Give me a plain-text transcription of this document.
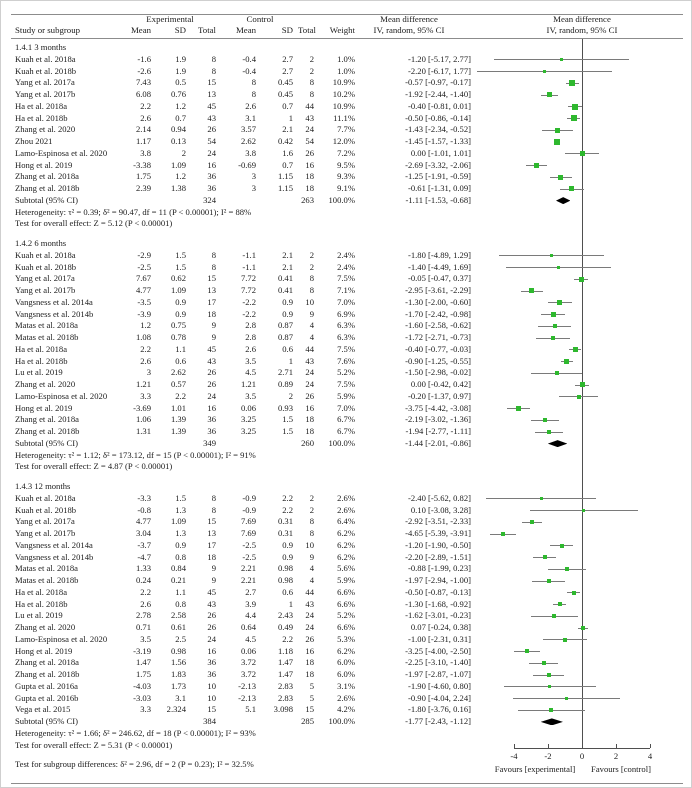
Experimental	Control	Mean difference	Mean difference
Study or subgroup	Mean	SD	Total	Mean	SD Total	Weight IV, random, 95% CI	IV, random, 95% CI
1.4.1 3 months
Kuah et al. 2018a	-1.6	1.9	8	-0.4	2.7	2	1.0%	-1.20 [-5.17, 2.77]
Kuah et al. 2018b	-2.6	1.9	8	-0.4	2.7	2	1.0%	-2.20 [-6.17, 1.77]
Yang et al. 2017a	7.43	0.5	15	8	0.45	8	10.9%	-0.57 [-0.97, -0.17]
Yang et al. 2017b	6.08	0.76	13	8	0.45	8	10.2%	-1.92 [-2.44, -1.40]
Ha et al. 2018a	2.2	1.2	45	2.6	0.7	44	10.9%	-0.40 [-0.81, 0.01]
Ha et al. 2018b	2.6	0.7	43	3.1	1	43	11.1%	-0.50 [-0.86, -0.14]
Zhang et al. 2020	2.14	0.94	26	3.57	2.1	24	7.7%	-1.43 [-2.34, -0.52]
Zhou 2021	1.17	0.13	54	2.62	0.42	54	12.0%	-1.45 [-1.57, -1.33]
Lamo-Espinosa et al. 2020	3.8	2	24	3.8	1.6	26	7.2%	0.00 [-1.01, 1.01]
Hong et al. 2019	-3.38	1.09	16	-0.69	0.7	16	9.5%	-2.69 [-3.32, -2.06]
Zhang et al. 2018a	1.75	1.2	36	3	1.15	18	9.3%	-1.25 [-1.91, -0.59]
Zhang et al. 2018b	2.39	1.38	36	3	1.15	18	9.1%	-0.61 [-1.31, 0.09]
Subtotal (95% CI)	324	263	100.0%	-1.11 [-1.53, -0.68]
Heterogeneity: τ² = 0.39; δ² = 90.47, df = 11 (P < 0.00001); I² = 88%
Test for overall effect: Z = 5.12 (P < 0.00001)
1.4.2 6 months
Kuah et al. 2018a	-2.9	1.5	8	-1.1	2.1	2	2.4%	-1.80 [-4.89, 1.29]
Kuah et al. 2018b	-2.5	1.5	8	-1.1	2.1	2	2.4%	-1.40 [-4.49, 1.69]
Yang et al. 2017a	7.67	0.62	15	7.72	0.41	8	7.5%	-0.05 [-0.47, 0.37]
Yang et al. 2017b	4.77	1.09	13	7.72	0.41	8	7.1%	-2.95 [-3.61, -2.29]
Vangsness et al. 2014a	-3.5	0.9	17	-2.2	0.9	10	7.0%	-1.30 [-2.00, -0.60]
Vangsness et al. 2014b	-3.9	0.9	18	-2.2	0.9	9	6.9%	-1.70 [-2.42, -0.98]
Matas et al. 2018a	1.2	0.75	9	2.8	0.87	4	6.3%	-1.60 [-2.58, -0.62]
Matas et al. 2018b	1.08	0.78	9	2.8	0.87	4	6.3%	-1.72 [-2.71, -0.73]
Ha et al. 2018a	2.2	1.1	45	2.6	0.6	44	7.5%	-0.40 [-0.77, -0.03]
Ha et al. 2018b	2.6	0.6	43	3.5	1	43	7.6%	-0.90 [-1.25, -0.55]
Lu et al. 2019	3	2.62	26	4.5	2.71	24	5.2%	-1.50 [-2.98, -0.02]
Zhang et al. 2020	1.21	0.57	26	1.21	0.89	24	7.5%	0.00 [-0.42, 0.42]
Lamo-Espinosa et al. 2020	3.3	2.2	24	3.5	2	26	5.9%	-0.20 [-1.37, 0.97]
Hong et al. 2019	-3.69	1.01	16	0.06	0.93	16	7.0%	-3.75 [-4.42, -3.08]
Zhang et al. 2018a	1.06	1.39	36	3.25	1.5	18	6.7%	-2.19 [-3.02, -1.36]
Zhang et al. 2018b	1.31	1.39	36	3.25	1.5	18	6.7%	-1.94 [-2.77, -1.11]
Subtotal (95% CI)	349	260	100.0%	-1.44 [-2.01, -0.86]
Heterogeneity: τ² = 1.12; δ² = 173.12, df = 15 (P < 0.00001); I² = 91%
Test for overall effect: Z = 4.87 (P < 0.00001)
1.4.3 12 months
Kuah et al. 2018a	-3.3	1.5	8	-0.9	2.2	2	2.6%	-2.40 [-5.62, 0.82]
Kuah et al. 2018b	-0.8	1.3	8	-0.9	2.2	2	2.6%	0.10 [-3.08, 3.28]
Yang et al. 2017a	4.77	1.09	15	7.69	0.31	8	6.4%	-2.92 [-3.51, -2.33]
Yang et al. 2017b	3.04	1.3	13	7.69	0.31	8	6.2%	-4.65 [-5.39, -3.91]
Vangsness et al. 2014a	-3.7	0.9	17	-2.5	0.9	10	6.2%	-1.20 [-1.90, -0.50]
Vangsness et al. 2014b	-4.7	0.8	18	-2.5	0.9	9	6.2%	-2.20 [-2.89, -1.51]
Matas et al. 2018a	1.33	0.84	9	2.21	0.98	4	5.6%	-0.88 [-1.99, 0.23]
Matas et al. 2018b	0.24	0.21	9	2.21	0.98	4	5.9%	-1.97 [-2.94, -1.00]
Ha et al. 2018a	2.2	1.1	45	2.7	0.6	44	6.6%	-0.50 [-0.87, -0.13]
Ha et al. 2018b	2.6	0.8	43	3.9	1	43	6.6%	-1.30 [-1.68, -0.92]
Lu et al. 2019	2.78	2.58	26	4.4	2.43	24	5.2%	-1.62 [-3.01, -0.23]
Zhang et al. 2020	0.71	0.61	26	0.64	0.49	24	6.6%	0.07 [-0.24, 0.38]
Lamo-Espinosa et al. 2020	3.5	2.5	24	4.5	2.2	26	5.3%	-1.00 [-2.31, 0.31]
Hong et al. 2019	-3.19	0.98	16	0.06	1.18	16	6.2%	-3.25 [-4.00, -2.50]
Zhang et al. 2018a	1.47	1.56	36	3.72	1.47	18	6.0%	-2.25 [-3.10, -1.40]
Zhang et al. 2018b	1.75	1.83	36	3.72	1.47	18	6.0%	-1.97 [-2.87, -1.07]
Gupta et al. 2016a	-4.03	1.73	10	-2.13	2.83	5	3.1%	-1.90 [-4.60, 0.80]
Gupta et al. 2016b	-3.03	3.1	10	-2.13	2.83	5	2.6%	-0.90 [-4.04, 2.24]
Vega et al. 2015	3.3	2.324	15	5.1	3.098	15	4.2%	-1.80 [-3.76, 0.16]
Subtotal (95% CI)	384	285	100.0%	-1.77 [-2.43, -1.12]
Heterogeneity: τ² = 1.66; δ² = 246.62, df = 18 (P < 0.00001); I² = 93%
Test for overall effect: Z = 5.31 (P < 0.00001)
Test for subgroup differences: δ² = 2.96, df = 2 (P = 0.23); I² = 32.5%
-4	-2	0	2	4
Favours [experimental] Favours [control]
